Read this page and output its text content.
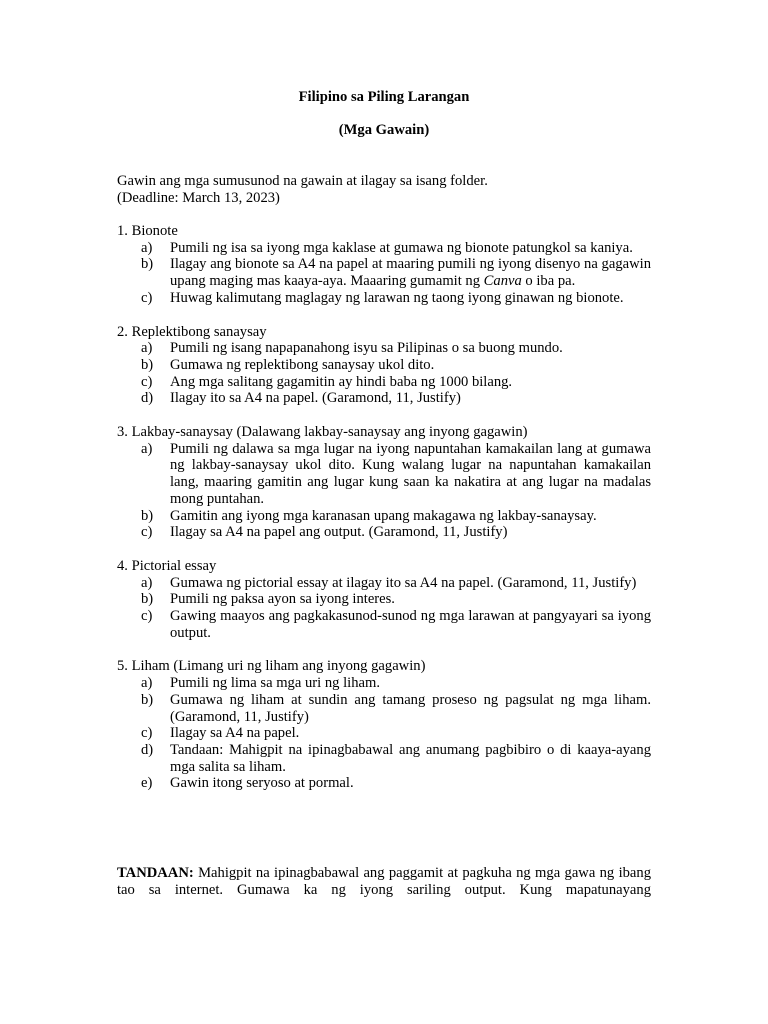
Filipino sa Piling Larangan
(Mga Gawain)
Gawin ang mga sumusunod na gawain at ilagay sa isang folder.
(Deadline: March 13, 2023)
1. Bionote
a) Pumili ng isa sa iyong mga kaklase at gumawa ng bionote patungkol sa kaniya.
b) Ilagay ang bionote sa A4 na papel at maaring pumili ng iyong disenyo na gagawin upang maging mas kaaya-aya. Maaaring gumamit ng Canva o iba pa.
c) Huwag kalimutang maglagay ng larawan ng taong iyong ginawan ng bionote.
2. Replektibong sanaysay
a) Pumili ng isang napapanahong isyu sa Pilipinas o sa buong mundo.
b) Gumawa ng replektibong sanaysay ukol dito.
c) Ang mga salitang gagamitin ay hindi baba ng 1000 bilang.
d) Ilagay ito sa A4 na papel. (Garamond, 11, Justify)
3. Lakbay-sanaysay (Dalawang lakbay-sanaysay ang inyong gagawin)
a) Pumili ng dalawa sa mga lugar na iyong napuntahan kamakailan lang at gumawa ng lakbay-sanaysay ukol dito. Kung walang lugar na napuntahan kamakailan lang, maaring gamitin ang lugar kung saan ka nakatira at ang lugar na madalas mong puntahan.
b) Gamitin ang iyong mga karanasan upang makagawa ng lakbay-sanaysay.
c) Ilagay sa A4 na papel ang output. (Garamond, 11, Justify)
4. Pictorial essay
a) Gumawa ng pictorial essay at ilagay ito sa A4 na papel. (Garamond, 11, Justify)
b) Pumili ng paksa ayon sa iyong interes.
c) Gawing maayos ang pagkakasunod-sunod ng mga larawan at pangyayari sa iyong output.
5. Liham (Limang uri ng liham ang inyong gagawin)
a) Pumili ng lima sa mga uri ng liham.
b) Gumawa ng liham at sundin ang tamang proseso ng pagsulat ng mga liham. (Garamond, 11, Justify)
c) Ilagay sa A4 na papel.
d) Tandaan: Mahigpit na ipinagbabawal ang anumang pagbibiro o di kaaya-ayang mga salita sa liham.
e) Gawin itong seryoso at pormal.
TANDAAN: Mahigpit na ipinagbabawal ang paggamit at pagkuha ng mga gawa ng ibang tao sa internet. Gumawa ka ng iyong sariling output. Kung mapatunayang
